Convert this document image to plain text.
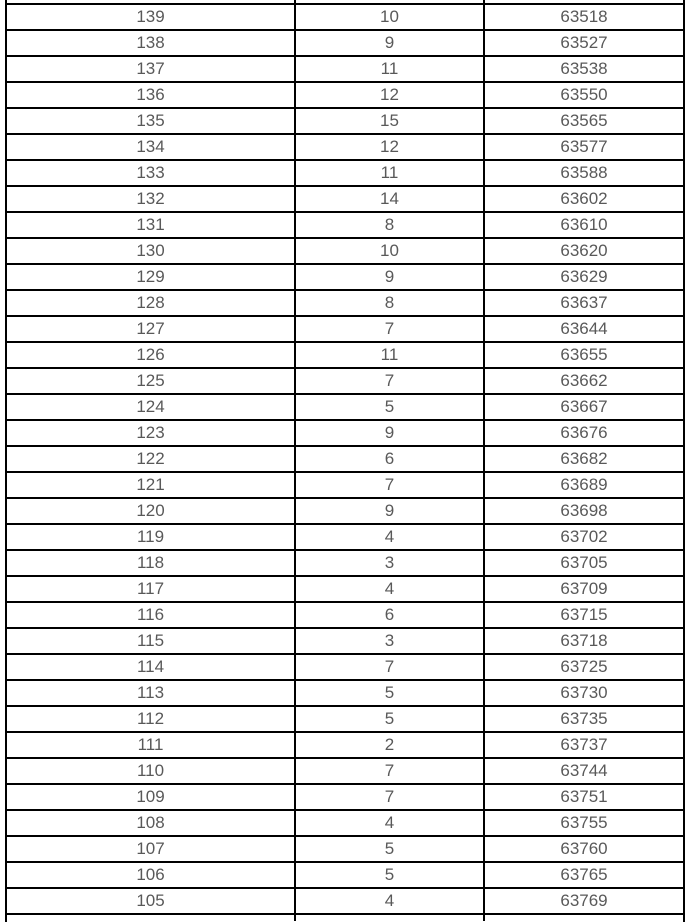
139	10	63518
138	9	63527
137	11	63538
136	12	63550
135	15	63565
134	12	63577
133	11	63588
132	14	63602
131	8	63610
130	10	63620
129	9	63629
128	8	63637
127	7	63644
126	11	63655
125	7	63662
124	5	63667
123	9	63676
122	6	63682
121	7	63689
120	9	63698
119	4	63702
118	3	63705
117	4	63709
116	6	63715
115	3	63718
114	7	63725
113	5	63730
112	5	63735
111	2	63737
110	7	63744
109	7	63751
108	4	63755
107	5	63760
106	5	63765
105	4	63769
